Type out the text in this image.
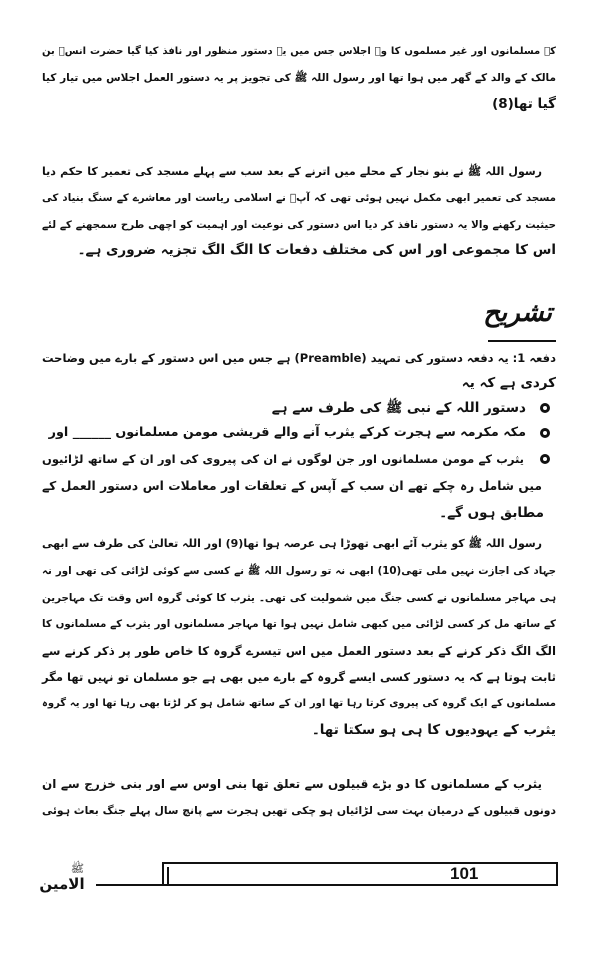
کے مسلمانوں اور غیر مسلموں کا وہ اجلاس جس میں یہ دستور منظور اور نافذ کیا گیا حضرت انسؓ بن
مالک کے والد کے گھر میں ہوا تھا اور رسول اللہ ﷺ کی تجویز پر یہ دستور العمل اجلاس میں تیار کیا
گیا تھا(8)
رسول اللہ ﷺ نے بنو نجار کے محلے میں اترنے کے بعد سب سے پہلے مسجد کی تعمیر کا حکم دیا
مسجد کی تعمیر ابھی مکمل نہیں ہوئی تھی کہ آپؐ نے اسلامی ریاست اور معاشرے کے سنگ بنیاد کی
حیثیت رکھنے والا یہ دستور نافذ کر دیا اس دستور کی نوعیت اور اہمیت کو اچھی طرح سمجھنے کے لئے
اس کا مجموعی اور اس کی مختلف دفعات کا الگ الگ تجزیہ ضروری ہے۔
تشریح
دفعہ 1: یہ دفعہ دستور کی تمہید (Preamble) ہے جس میں اس دستور کے بارے میں وضاحت
کردی ہے کہ یہ
دستور اللہ کے نبی ﷺ کی طرف سے ہے
مکہ مکرمہ سے ہجرت کرکے یثرب آنے والے قریشی مومن مسلمانوں ______ اور
یثرب کے مومن مسلمانوں اور جن لوگوں نے ان کی پیروی کی اور ان کے ساتھ لڑائیوں
میں شامل رہ چکے تھے ان سب کے آپس کے تعلقات اور معاملات اس دستور العمل کے
مطابق ہوں گے۔
رسول اللہ ﷺ کو یثرب آئے ابھی تھوڑا ہی عرصہ ہوا تھا(9) اور اللہ تعالیٰ کی طرف سے ابھی
جہاد کی اجازت نہیں ملی تھی(10) ابھی نہ تو رسول اللہ ﷺ نے کسی سے کوئی لڑائی کی تھی اور نہ
ہی مہاجر مسلمانوں نے کسی جنگ میں شمولیت کی تھی۔ یثرب کا کوئی گروہ اس وقت تک مہاجرین
کے ساتھ مل کر کسی لڑائی میں کبھی شامل نہیں ہوا تھا مہاجر مسلمانوں اور یثرب کے مسلمانوں کا
الگ الگ ذکر کرنے کے بعد دستور العمل میں اس تیسرے گروہ کا خاص طور پر ذکر کرنے سے
ثابت ہوتا ہے کہ یہ دستور کسی ایسے گروہ کے بارے میں بھی ہے جو مسلمان تو نہیں تھا مگر
مسلمانوں کے ایک گروہ کی پیروی کرتا رہا تھا اور ان کے ساتھ شامل ہو کر لڑتا بھی رہا تھا اور یہ گروہ
یثرب کے یہودیوں کا ہی ہو سکتا تھا۔
یثرب کے مسلمانوں کا دو بڑے قبیلوں سے تعلق تھا بنی اوس سے اور بنی خزرج سے ان
دونوں قبیلوں کے درمیان بہت سی لڑائیاں ہو چکی تھیں ہجرت سے پانچ سال پہلے جنگ بعاث ہوئی
101
ﷺ
الامین
